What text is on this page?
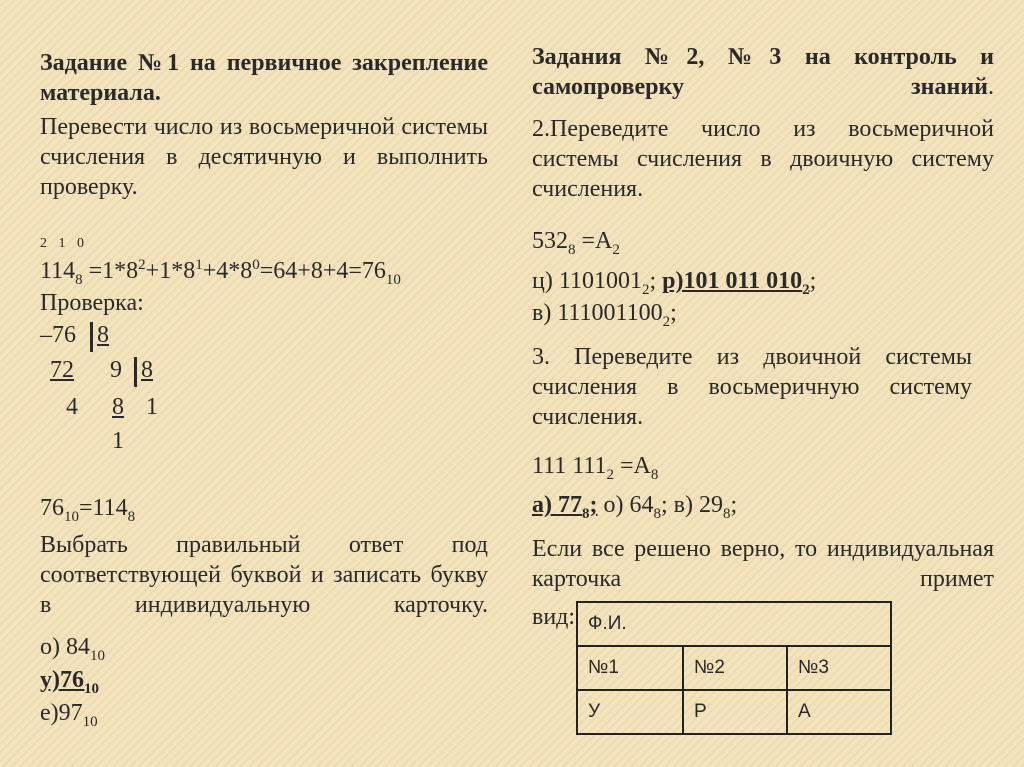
Задание №1 на первичное закрепление материала.
Перевести число из восьмеричной системы счисления в десятичную и выполнить проверку.
2 1 0
$114_8 =1*8^2+1*8^1+4*8^0=64+8+4=76_{10}$
Проверка:
–76 8
72	9 8
4 8 1
1
$76_{10}=114_8$
Выбрать правильный ответ под соответствующей буквой и записать букву в индивидуальную карточку.
о) $84_{10}$
$у)76_{10}$
$е)97_{10}$
Задания №2, №3 на контроль и самопроверку знаний.
2.Переведите число из восьмеричной системы счисления в двоичную систему счисления.
$532_8 =А_2$
ц) $1101001_2$; р)101 011 $010_2$;
в) $111001100_2$;
3. Переведите из двоичной системы счисления в восьмеричную систему счисления.
111 $111_2 =А_8$
а) $77_8$; о) $64_8$; в) $29_8$;
Если все решено верно, то индивидуальная карточка примет
вид: Ф.И.		
№1	№2	№3
У	Р	А
